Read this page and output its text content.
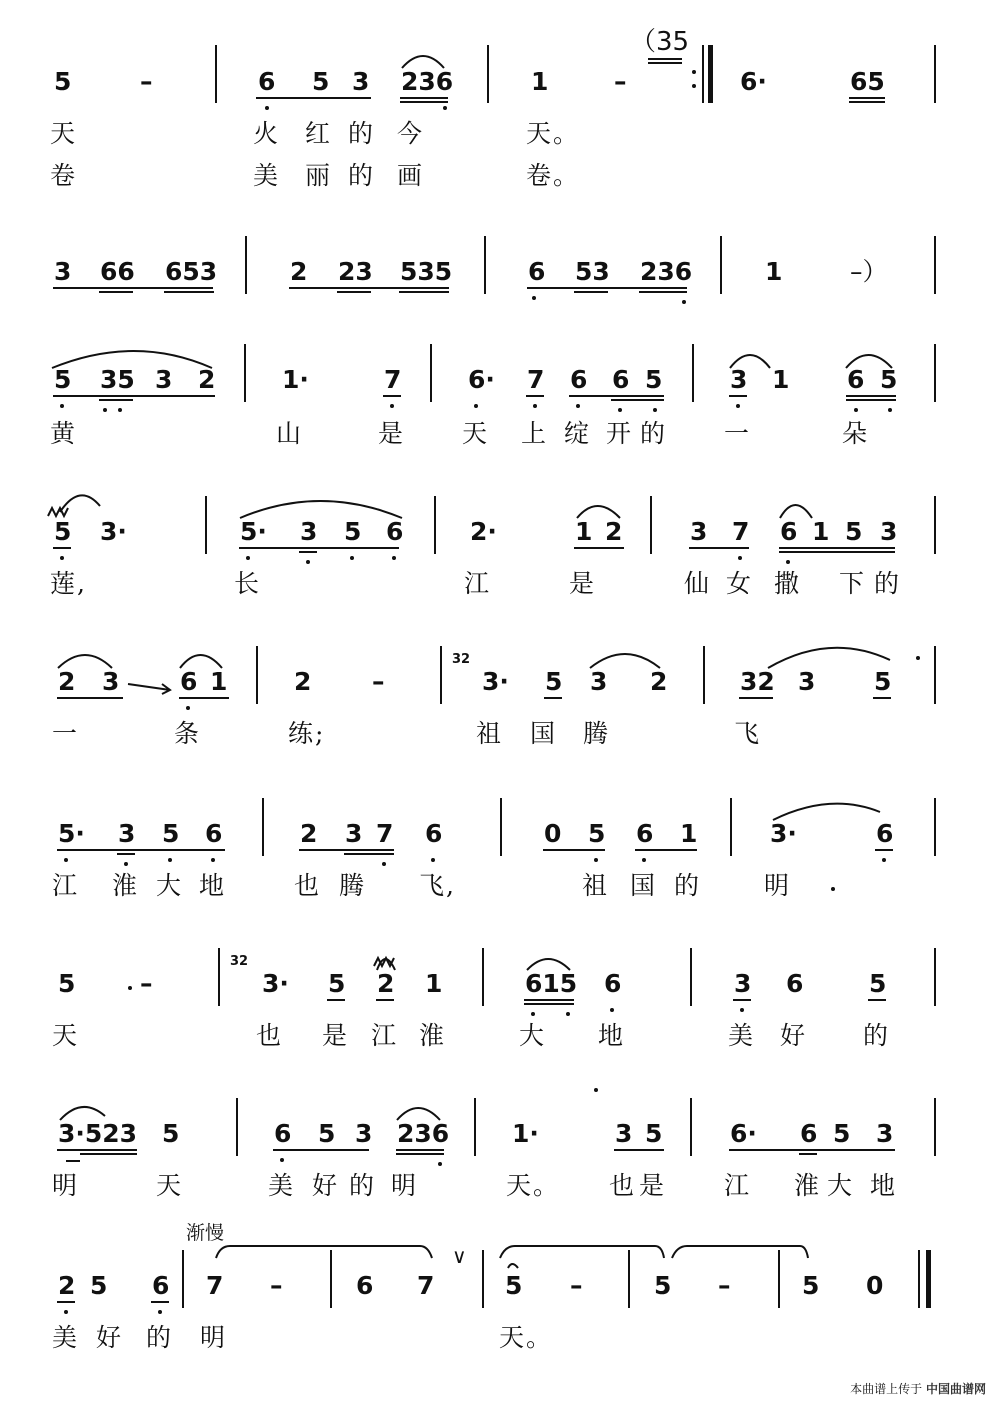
（35
5	–	6 5 3 236	1	–	6·	65
天	火 红 的 今	天。
卷	美 丽 的 画	卷。
3 66 653	2 23 535	6 53 236	1	–）
5 35 3 2	1·	7	6· 7 6 6 5	3 1 6 5
黄	山	是 天 上 绽 开 的 一	朵
5 3·	5· 3 5 6	2·	1 2	3 7 6 1 5 3
莲,	长	江	是	仙 女 撒 下 的
2 3 6 1	2 –
32
3· 5 3 2	32 3 5
一	条	练;	祖 国 腾	飞
5· 3 5 6	2 3 7 6	0 5 6 1	3·	6
江 淮 大 地	也 腾 飞,	祖 国 的	明
5	–
32
3· 5 2 1	615 6	3 6	5
天	也 是 江 淮	大 地	美 好 的
3·523 5	6 5 3 236	1·	3 5	6· 6 5 3
明	天	美 好 的 明	天。 也 是 江 淮 大 地
渐慢
2 5 6 7 –	6 7
∨
5 –	5 –	5 0
美 好 的 明	天。
本曲谱上传于 中国曲谱网
